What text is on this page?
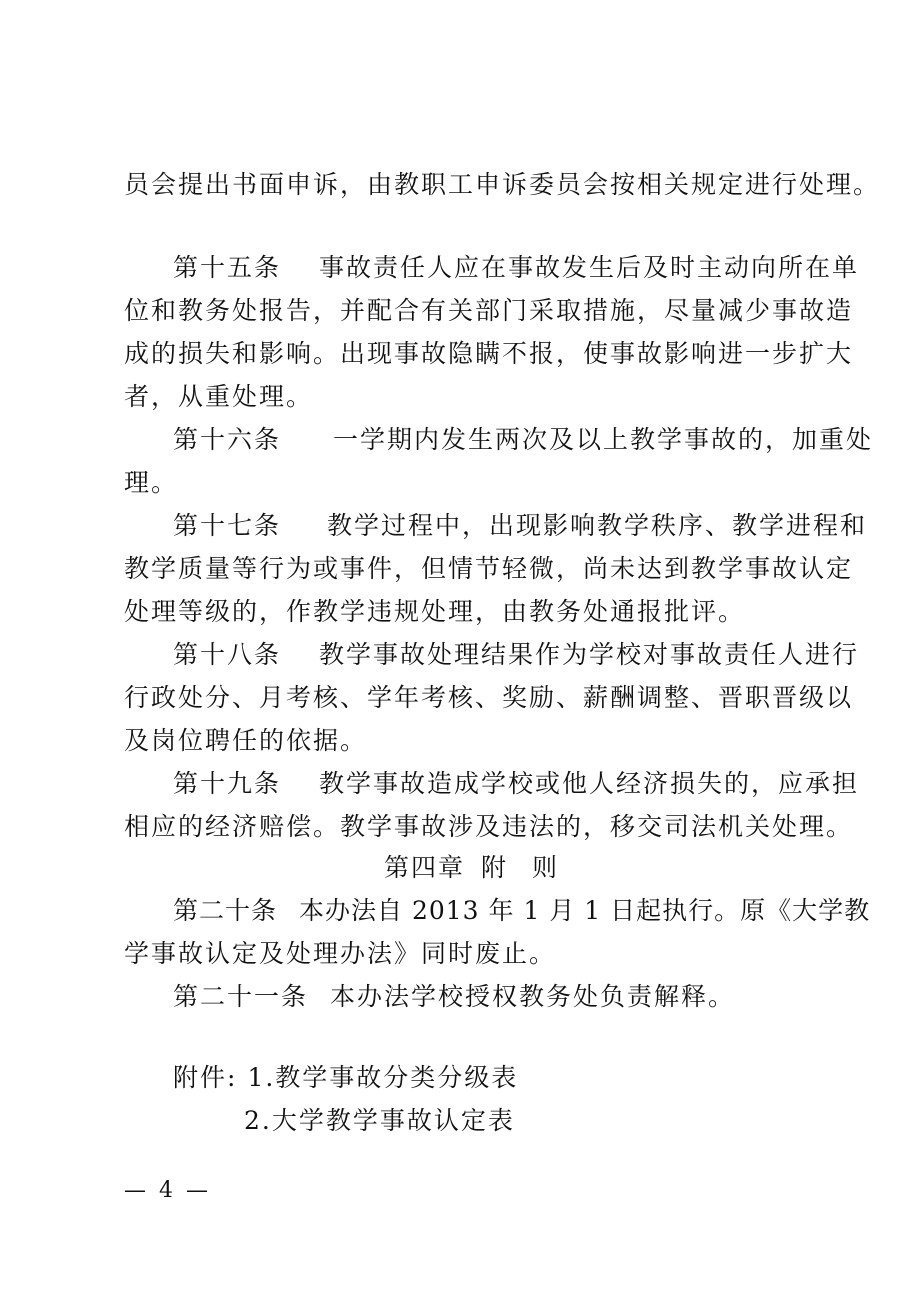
员会提出书面申诉，由教职工申诉委员会按相关规定进行处理。
第十五条 事故责任人应在事故发生后及时主动向所在单
位和教务处报告，并配合有关部门采取措施，尽量减少事故造
成的损失和影响。出现事故隐瞒不报，使事故影响进一步扩大
者，从重处理。
第十六条 一学期内发生两次及以上教学事故的，加重处
理。
第十七条 教学过程中，出现影响教学秩序、教学进程和
教学质量等行为或事件，但情节轻微，尚未达到教学事故认定
处理等级的，作教学违规处理，由教务处通报批评。
第十八条 教学事故处理结果作为学校对事故责任人进行
行政处分、月考核、学年考核、奖励、薪酬调整、晋职晋级以
及岗位聘任的依据。
第十九条 教学事故造成学校或他人经济损失的，应承担
相应的经济赔偿。教学事故涉及违法的，移交司法机关处理。
第四章 附 则
第二十条 本办法自 2013 年 1 月 1 日起执行。原《大学教
学事故认定及处理办法》同时废止。
第二十一条 本办法学校授权教务处负责解释。
附件: 1.教学事故分类分级表
2.大学教学事故认定表
— 4 —
